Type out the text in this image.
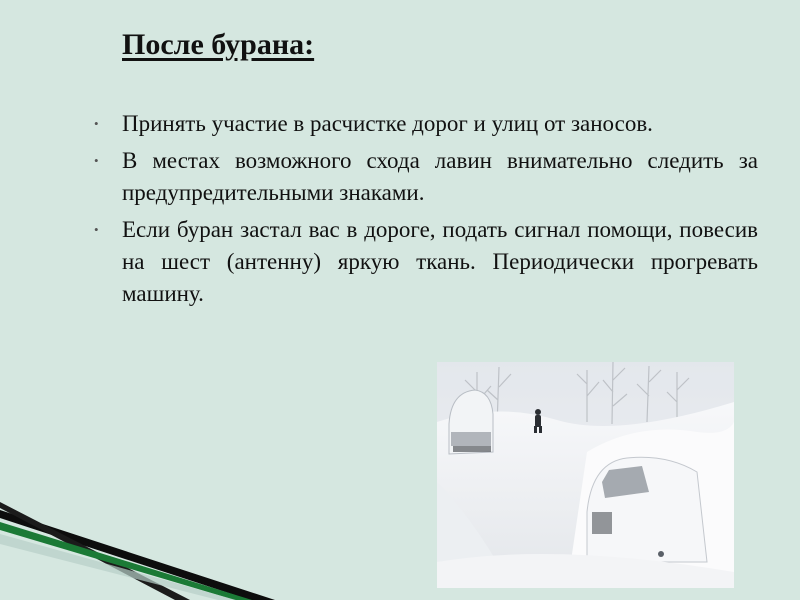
После бурана:
• Принять участие в расчистке дорог и улиц от заносов.
• В местах возможного схода лавин внимательно следить за предупредительными знаками.
• Если буран застал вас в дороге, подать сигнал помощи, повесив на шест (антенну) яркую ткань. Периодически прогревать машину.
